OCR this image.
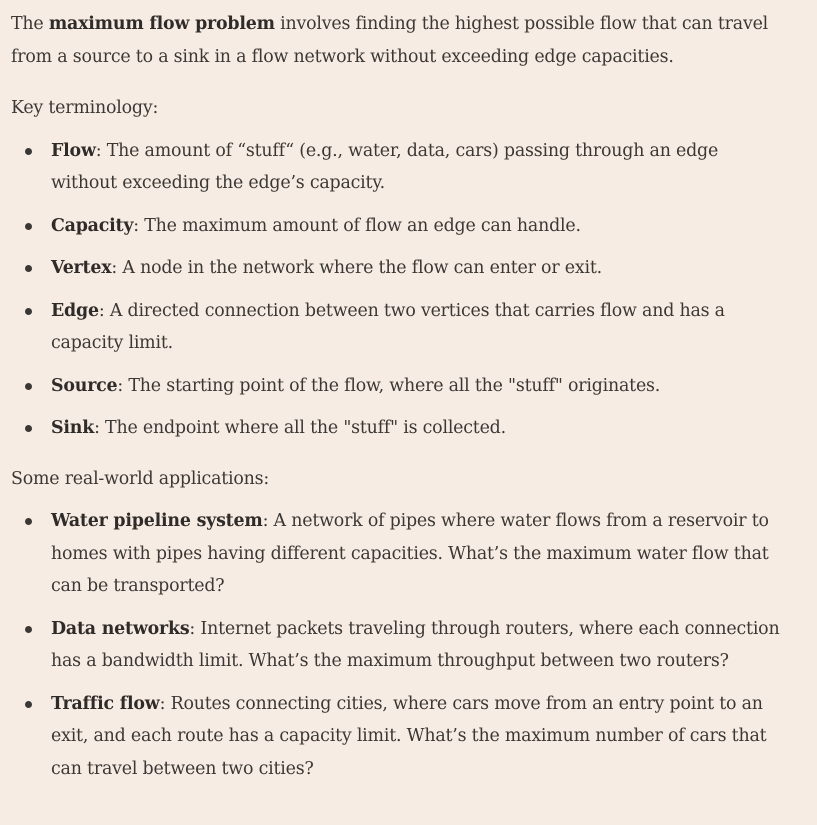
The maximum flow problem involves finding the highest possible flow that can travel from a source to a sink in a flow network without exceeding edge capacities.

Key terminology:

Flow: The amount of “stuff“ (e.g., water, data, cars) passing through an edge without exceeding the edge’s capacity.
Capacity: The maximum amount of flow an edge can handle.
Vertex: A node in the network where the flow can enter or exit.
Edge: A directed connection between two vertices that carries flow and has a capacity limit.
Source: The starting point of the flow, where all the "stuff" originates.
Sink: The endpoint where all the "stuff" is collected.

Some real-world applications:

Water pipeline system: A network of pipes where water flows from a reservoir to homes with pipes having different capacities. What’s the maximum water flow that can be transported?
Data networks: Internet packets traveling through routers, where each connection has a bandwidth limit. What’s the maximum throughput between two routers?
Traffic flow: Routes connecting cities, where cars move from an entry point to an exit, and each route has a capacity limit. What’s the maximum number of cars that can travel between two cities?
